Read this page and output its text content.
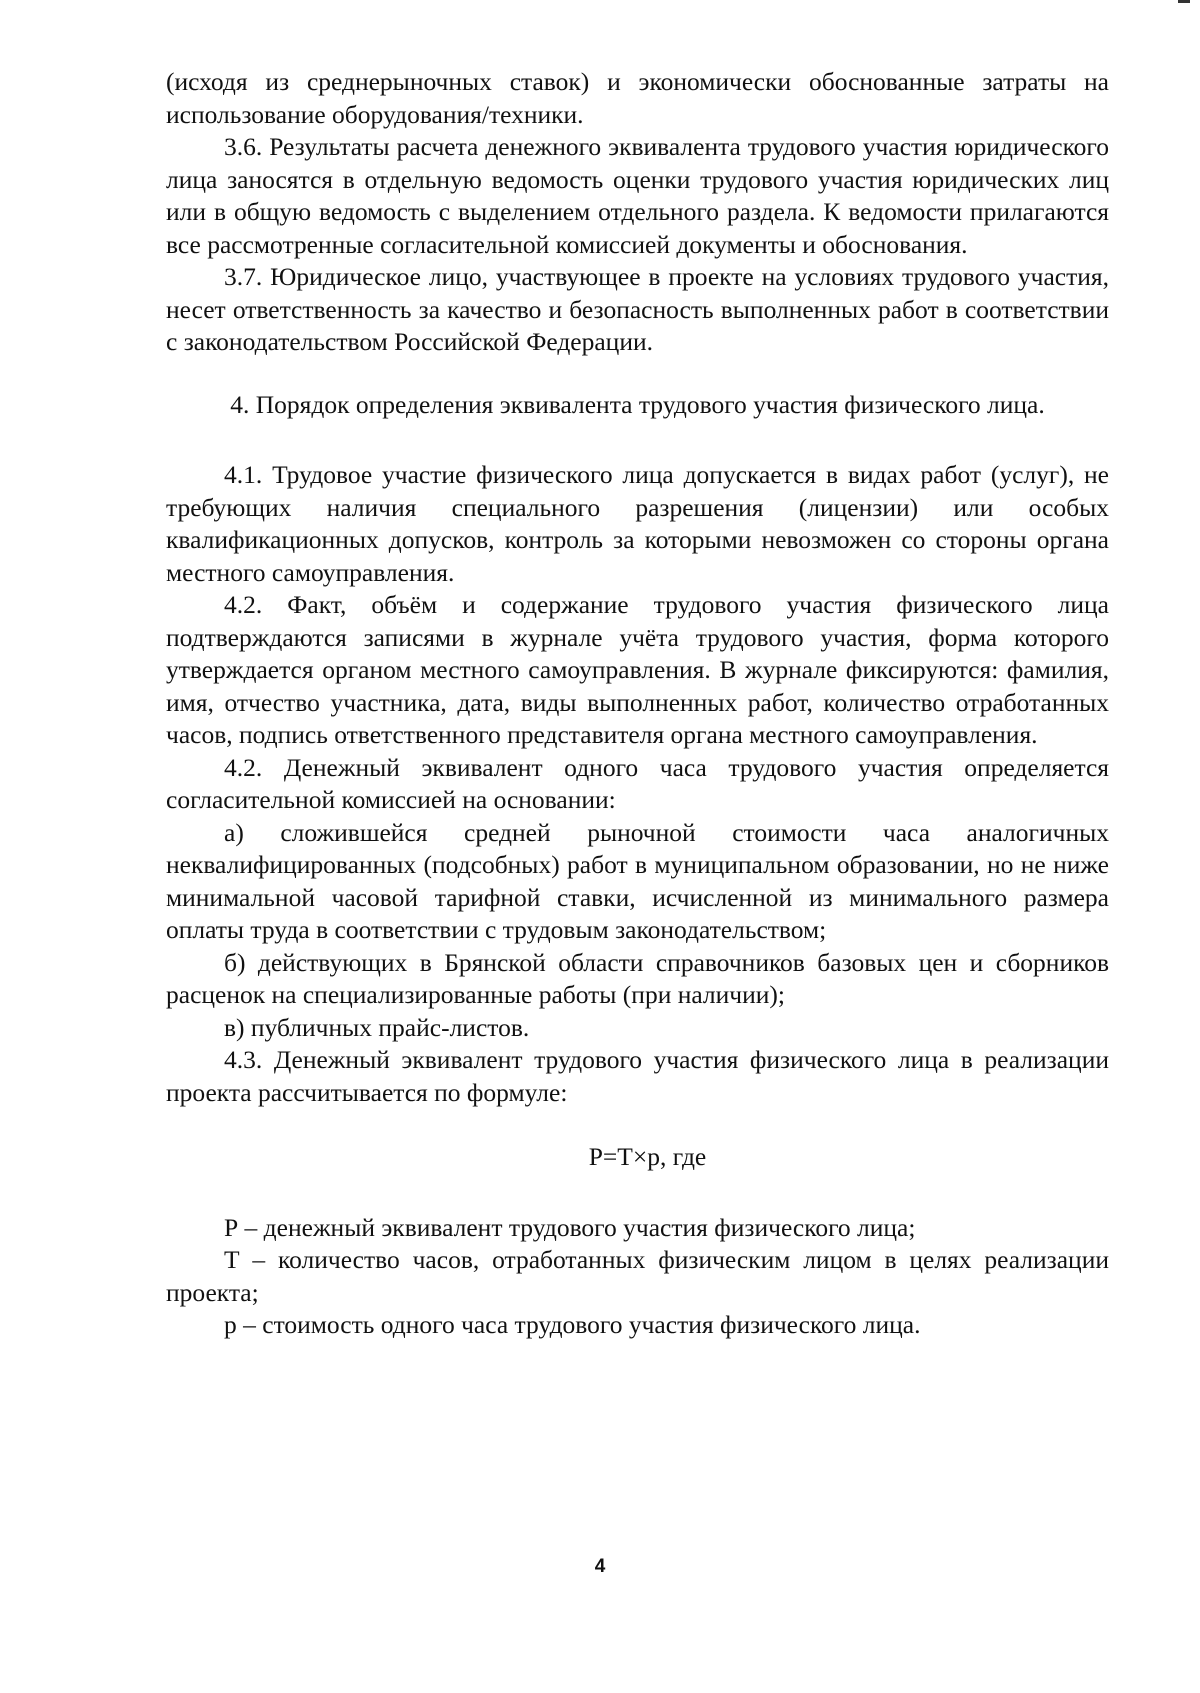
(исходя из среднерыночных ставок) и экономически обоснованные затраты на использование оборудования/техники.

3.6. Результаты расчета денежного эквивалента трудового участия юридического лица заносятся в отдельную ведомость оценки трудового участия юридических лиц или в общую ведомость с выделением отдельного раздела. К ведомости прилагаются все рассмотренные согласительной комиссией документы и обоснования.

3.7. Юридическое лицо, участвующее в проекте на условиях трудового участия, несет ответственность за качество и безопасность выполненных работ в соответствии с законодательством Российской Федерации.

4. Порядок определения эквивалента трудового участия физического лица.

4.1. Трудовое участие физического лица допускается в видах работ (услуг), не требующих наличия специального разрешения (лицензии) или особых квалификационных допусков, контроль за которыми невозможен со стороны органа местного самоуправления.

4.2. Факт, объём и содержание трудового участия физического лица подтверждаются записями в журнале учёта трудового участия, форма которого утверждается органом местного самоуправления. В журнале фиксируются: фамилия, имя, отчество участника, дата, виды выполненных работ, количество отработанных часов, подпись ответственного представителя органа местного самоуправления.

4.2. Денежный эквивалент одного часа трудового участия определяется согласительной комиссией на основании:

а) сложившейся средней рыночной стоимости часа аналогичных неквалифицированных (подсобных) работ в муниципальном образовании, но не ниже минимальной часовой тарифной ставки, исчисленной из минимального размера оплаты труда в соответствии с трудовым законодательством;

б) действующих в Брянской области справочников базовых цен и сборников расценок на специализированные работы (при наличии);

в) публичных прайс-листов.

4.3. Денежный эквивалент трудового участия физического лица в реализации проекта рассчитывается по формуле:

Р=Т×р, где

Р – денежный эквивалент трудового участия физического лица;

Т – количество часов, отработанных физическим лицом в целях реализации проекта;

р – стоимость одного часа трудового участия физического лица.

4
